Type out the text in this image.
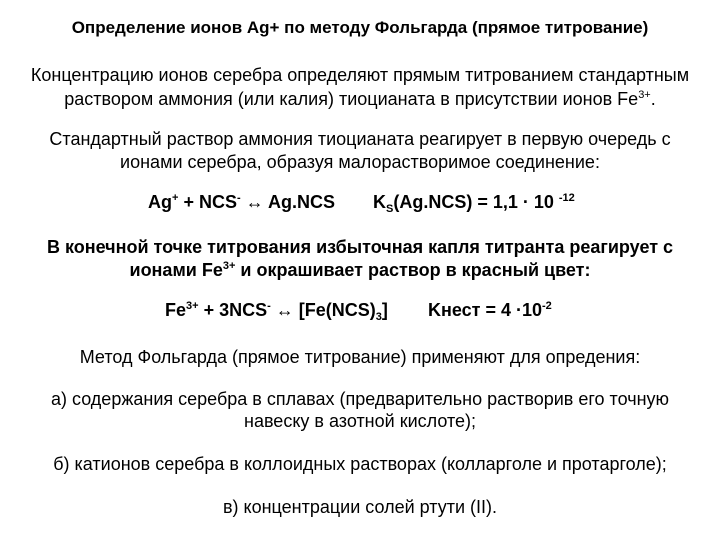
Определение ионов Ag+ по методу Фольгарда (прямое титрование)
Концентрацию ионов серебра определяют прямым титрованием стандартным
раствором аммония (или калия) тиоцианата в присутствии ионов $Fe^{3+}$.
Стандартный раствор аммония тиоцианата реагирует в первую очередь с
ионами серебра, образуя малорастворимое соединение:
Ag+ + NCS- ↔ Ag.NCS $K_S(Ag.NCS) = 1,1 \cdot 10$ $^{-12}$
В конечной точке титрования избыточная капля титранта реагирует с
ионами $Fe^{3+}$ и окрашивает раствор в красный цвет:
$Fe^{3+} + 3NCS^-$ ↔ $[Fe(NCS)_3]$ Kнест = $4 \cdot 10^{-2}$
Метод Фольгарда (прямое титрование) применяют для опредения:
а) содержания серебра в сплавах (предварительно растворив его точную
навеску в азотной кислоте);
б) катионов серебра в коллоидных растворах (колларголе и протарголе);
в) концентрации солей ртути (II).
